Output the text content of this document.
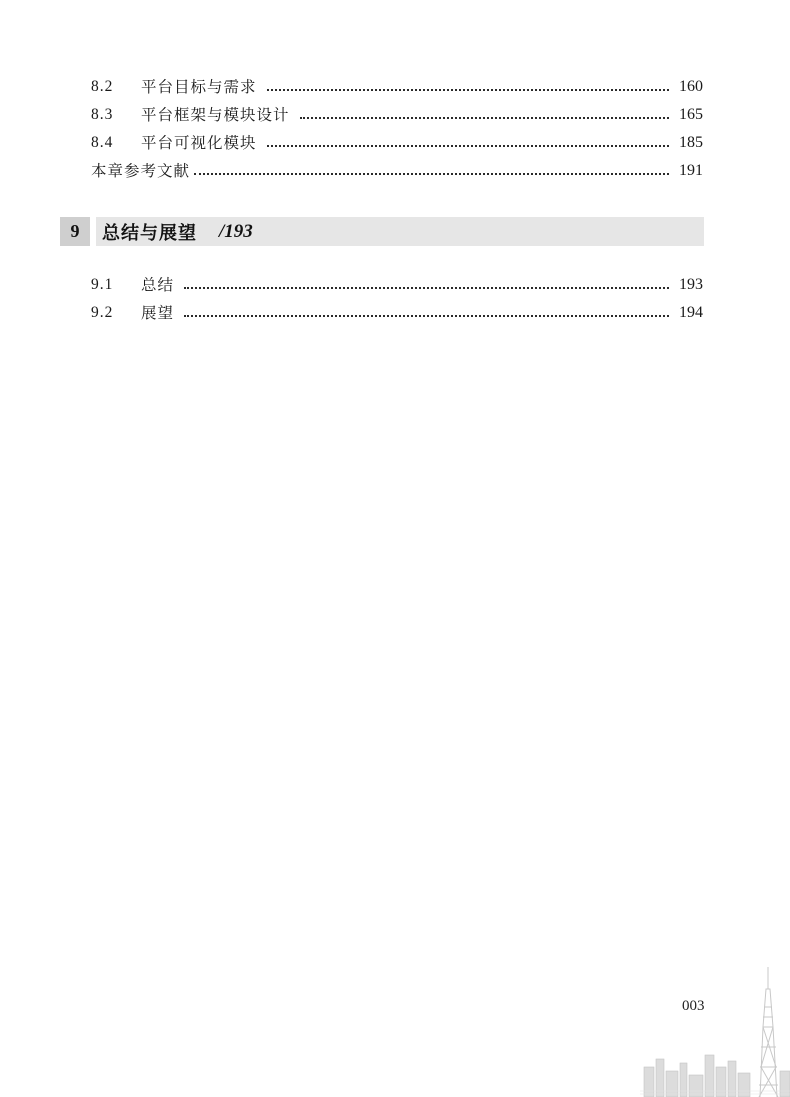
8.2	平台目标与需求	160
8.3	平台框架与模块设计	165
8.4	平台可视化模块	185
本章参考文献	191
9	总结与展望 /193
9.1	总结	193
9.2	展望	194
003
